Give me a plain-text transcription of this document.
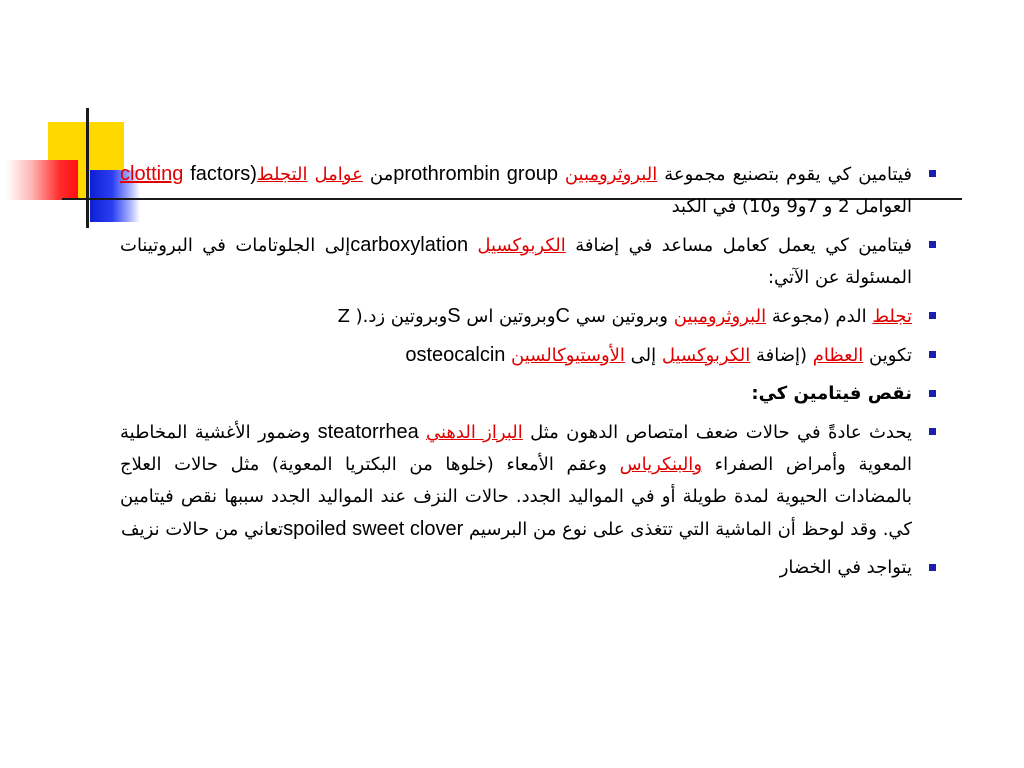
فيتامين كي يقوم بتصنيع مجموعة البروثرومبين prothrombin groupمن عوامل التجلط(clotting factors العوامل 2 و 7و9 و10) في الكبد
فيتامين كي يعمل كعامل مساعد في إضافة الكربوكسيل carboxylationإلى الجلوتامات في البروتينات المسئولة عن الآتي:
تجلط الدم (مجوعة البروثرومبين وبروتين سي Cوبروتين اس Sوبروتين زد.( Z
تكوين العظام (إضافة الكربوكسيل إلى الأوستيوكالسين osteocalcin
نقص فيتامين كي:
يحدث عادةًً في حالات ضعف امتصاص الدهون مثل البراز الدهني steatorrhea وضمور الأغشية المخاطية المعوية وأمراض الصفراء والبنكرياس وعقم الأمعاء (خلوها من البكتريا المعوية) مثل حالات العلاج بالمضادات الحيوية لمدة طويلة أو في المواليد الجدد. حالات النزف عند المواليد الجدد سببها نقص فيتامين كي. وقد لوحظ أن الماشية التي تتغذى على نوع من البرسيم spoiled sweet cloverتعاني من حالات نزيف
يتواجد في الخضار
